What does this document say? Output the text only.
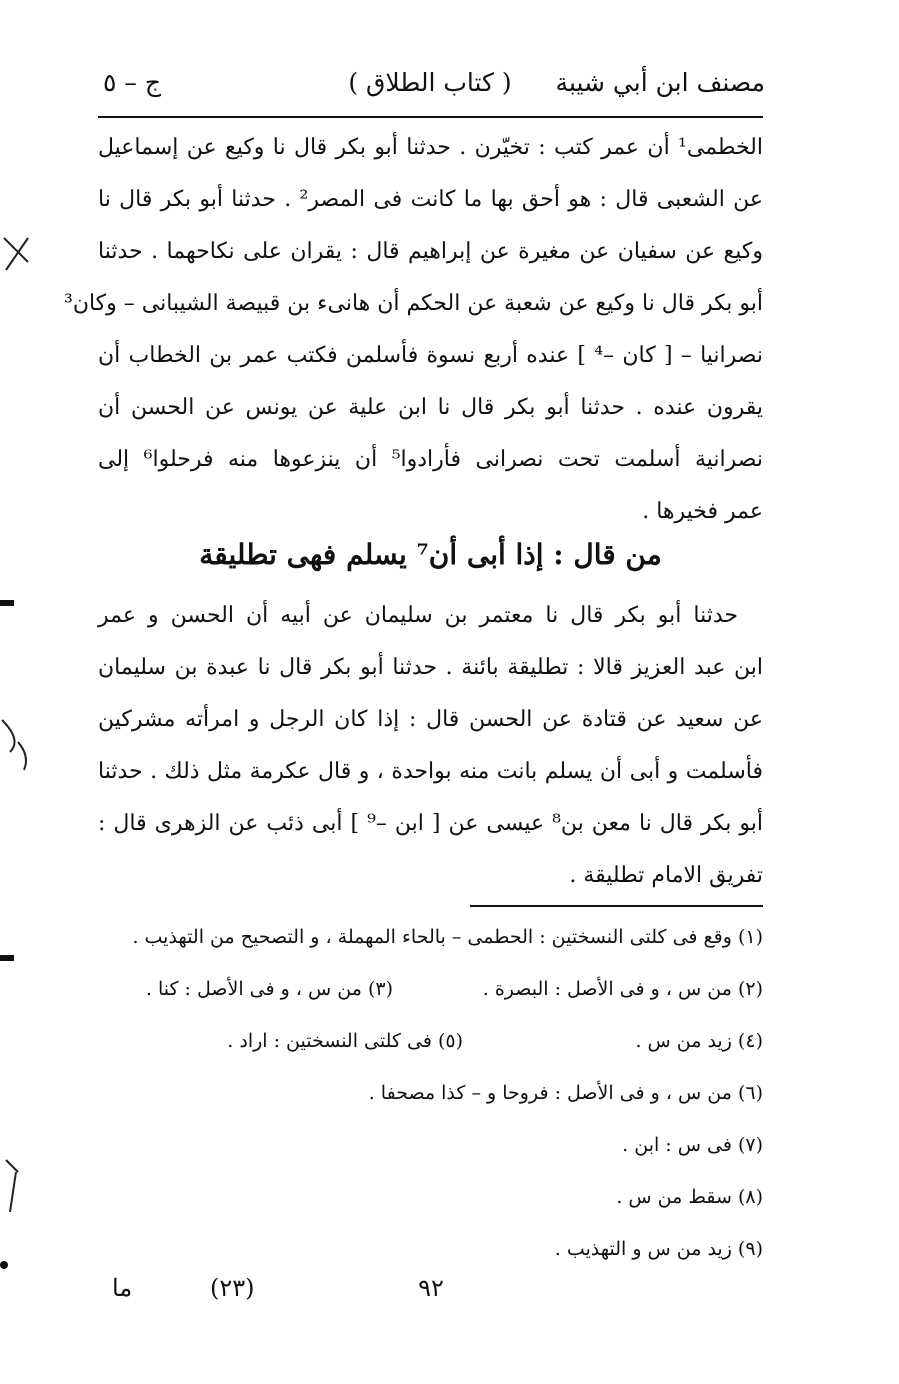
مصنف ابن أبي شيبة
( كتاب الطلاق )
ج – ٥
الخطمى¹ أن عمر كتب : تخيّرن . حدثنا أبو بكر قال نا وكيع عن إسماعيل
عن الشعبى قال : هو أحق بها ما كانت فى المصر² . حدثنا أبو بكر قال نا
وكيع عن سفيان عن مغيرة عن إبراهيم قال : يقران على نكاحهما . حدثنا
أبو بكر قال نا وكيع عن شعبة عن الحكم أن هانىء بن قبيصة الشيبانى – وكان³
نصرانيا – [ كان –⁴ ] عنده أربع نسوة فأسلمن فكتب عمر بن الخطاب أن
يقرون عنده . حدثنا أبو بكر قال نا ابن علية عن يونس عن الحسن أن
نصرانية أسلمت تحت نصرانى فأرادوا⁵ أن ينزعوها منه فرحلوا⁶ إلى
عمر فخيرها .
من قال : إذا أبى أن⁷ يسلم فهى تطليقة
حدثنا أبو بكر قال نا معتمر بن سليمان عن أبيه أن الحسن و عمر
ابن عبد العزيز قالا : تطليقة بائنة . حدثنا أبو بكر قال نا عبدة بن سليمان
عن سعيد عن قتادة عن الحسن قال : إذا كان الرجل و امرأته مشركين
فأسلمت و أبى أن يسلم بانت منه بواحدة ، و قال عكرمة مثل ذلك . حدثنا
أبو بكر قال نا معن بن⁸ عيسى عن [ ابن –⁹ ] أبى ذئب عن الزهرى قال :
تفريق الامام تطليقة .
(١) وقع فى كلتى النسختين : الحطمى – بالحاء المهملة ، و التصحيح من التهذيب .
(٢) من س ، و فى الأصل : البصرة .
(٣) من س ، و فى الأصل : كنا .
(٤) زيد من س .
(٥) فى كلتى النسختين : اراد .
(٦) من س ، و فى الأصل : فروحا و – كذا مصحفا .
(٧) فى س : ابن .
(٨) سقط من س .
(٩) زيد من س و التهذيب .
٩٢
(٢٣)
ما
